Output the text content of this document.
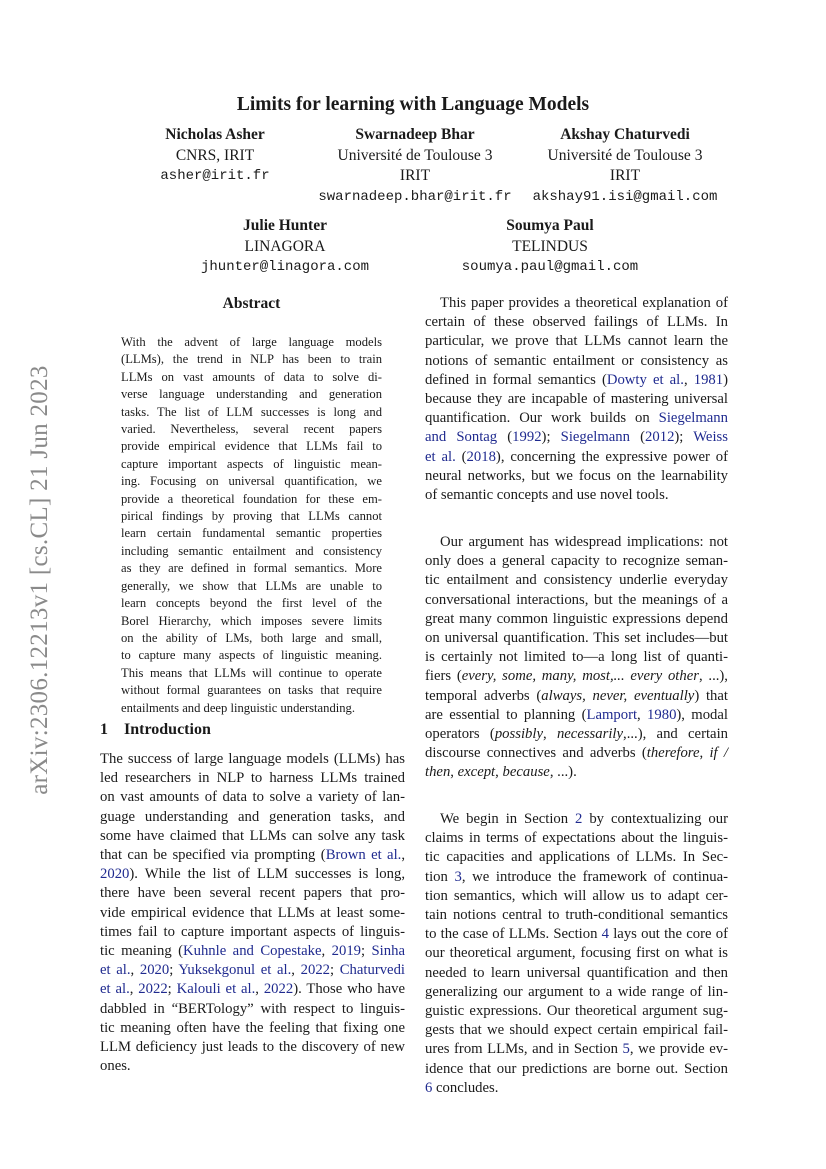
arXiv:2306.12213v1 [cs.CL] 21 Jun 2023
Limits for learning with Language Models
Nicholas Asher
CNRS, IRIT
asher@irit.fr
Swarnadeep Bhar
Université de Toulouse 3
IRIT
swarnadeep.bhar@irit.fr
Akshay Chaturvedi
Université de Toulouse 3
IRIT
akshay91.isi@gmail.com
Julie Hunter
LINAGORA
jhunter@linagora.com
Soumya Paul
TELINDUS
soumya.paul@gmail.com
Abstract
With the advent of large language models
(LLMs), the trend in NLP has been to train
LLMs on vast amounts of data to solve di-
verse language understanding and generation
tasks. The list of LLM successes is long and
varied. Nevertheless, several recent papers
provide empirical evidence that LLMs fail to
capture important aspects of linguistic mean-
ing. Focusing on universal quantification, we
provide a theoretical foundation for these em-
pirical findings by proving that LLMs cannot
learn certain fundamental semantic properties
including semantic entailment and consistency
as they are defined in formal semantics. More
generally, we show that LLMs are unable to
learn concepts beyond the first level of the
Borel Hierarchy, which imposes severe limits
on the ability of LMs, both large and small,
to capture many aspects of linguistic meaning.
This means that LLMs will continue to operate
without formal guarantees on tasks that require
entailments and deep linguistic understanding.
1 Introduction
The success of large language models (LLMs) has
led researchers in NLP to harness LLMs trained
on vast amounts of data to solve a variety of lan-
guage understanding and generation tasks, and
some have claimed that LLMs can solve any task
that can be specified via prompting (Brown et al.,
2020). While the list of LLM successes is long,
there have been several recent papers that pro-
vide empirical evidence that LLMs at least some-
times fail to capture important aspects of linguis-
tic meaning (Kuhnle and Copestake, 2019; Sinha
et al., 2020; Yuksekgonul et al., 2022; Chaturvedi
et al., 2022; Kalouli et al., 2022). Those who have
dabbled in “BERTology” with respect to linguis-
tic meaning often have the feeling that fixing one
LLM deficiency just leads to the discovery of new
ones.
This paper provides a theoretical explanation of
certain of these observed failings of LLMs. In
particular, we prove that LLMs cannot learn the
notions of semantic entailment or consistency as
defined in formal semantics (Dowty et al., 1981)
because they are incapable of mastering universal
quantification. Our work builds on Siegelmann
and Sontag (1992); Siegelmann (2012); Weiss
et al. (2018), concerning the expressive power of
neural networks, but we focus on the learnability
of semantic concepts and use novel tools.
Our argument has widespread implications: not
only does a general capacity to recognize seman-
tic entailment and consistency underlie everyday
conversational interactions, but the meanings of a
great many common linguistic expressions depend
on universal quantification. This set includes—but
is certainly not limited to—a long list of quanti-
fiers (every, some, many, most,... every other, ...),
temporal adverbs (always, never, eventually) that
are essential to planning (Lamport, 1980), modal
operators (possibly, necessarily,...), and certain
discourse connectives and adverbs (therefore, if /
then, except, because, ...).
We begin in Section 2 by contextualizing our
claims in terms of expectations about the linguis-
tic capacities and applications of LLMs. In Sec-
tion 3, we introduce the framework of continua-
tion semantics, which will allow us to adapt cer-
tain notions central to truth-conditional semantics
to the case of LLMs. Section 4 lays out the core of
our theoretical argument, focusing first on what is
needed to learn universal quantification and then
generalizing our argument to a wide range of lin-
guistic expressions. Our theoretical argument sug-
gests that we should expect certain empirical fail-
ures from LLMs, and in Section 5, we provide ev-
idence that our predictions are borne out. Section
6 concludes.
